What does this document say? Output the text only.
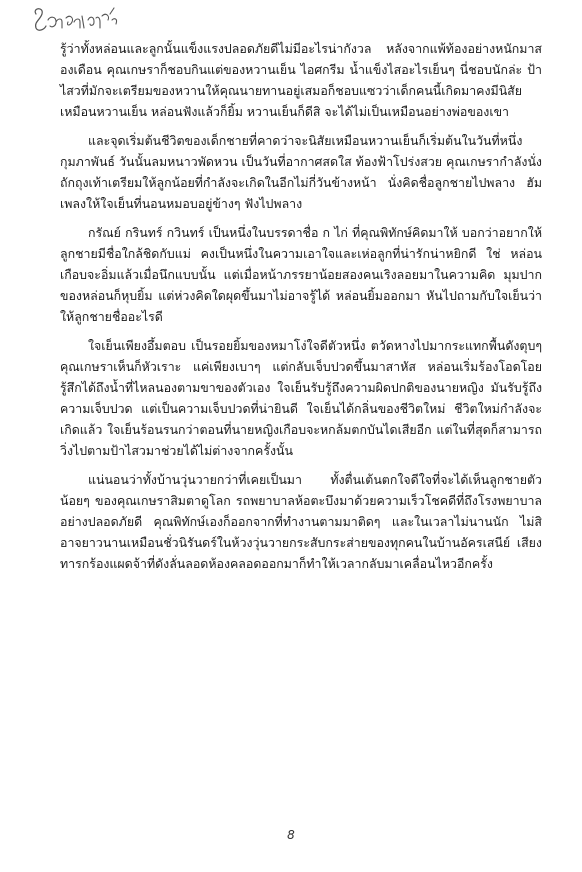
รู้ว่าทั้งหล่อนและลูกนั้นแข็งแรงปลอดภัยดีไม่มีอะไรน่ากังวล หลังจากแพ้ท้องอย่างหนักมาสองเดือน คุณเกษราก็ชอบกินแต่ของหวานเย็น ไอศกรีม น้ำแข็งไสอะไรเย็นๆ นี่ชอบนักล่ะ ป้าไสวที่มักจะเตรียมของหวานให้คุณนายทานอยู่เสมอก็ชอบแซวว่าเด็กคนนี้เกิดมาคงมีนิสัยเหมือนหวานเย็น หล่อนฟังแล้วก็ยิ้ม หวานเย็นก็ดีสิ จะได้ไม่เป็นเหมือนอย่างพ่อของเขา

และจุดเริ่มต้นชีวิตของเด็กชายที่คาดว่าจะนิสัยเหมือนหวานเย็นก็เริ่มต้นในวันที่หนึ่งกุมภาพันธ์ วันนั้นลมหนาวพัดหวน เป็นวันที่อากาศสดใส ท้องฟ้าโปร่งสวย คุณเกษรากำลังนั่งถักถุงเท้าเตรียมให้ลูกน้อยที่กำลังจะเกิดในอีกไม่กี่วันข้างหน้า นั่งคิดชื่อลูกชายไปพลาง ฮัมเพลงให้ใจเย็นที่นอนหมอบอยู่ข้างๆ ฟังไปพลาง

กรัณย์ กรินทร์ กวินทร์ เป็นหนึ่งในบรรดาชื่อ ก ไก่ ที่คุณพิทักษ์คิดมาให้ บอกว่าอยากให้ลูกชายมีชื่อใกล้ชิดกับแม่ คงเป็นหนึ่งในความเอาใจและเห่อลูกที่น่ารักน่าหยิกดี ใช่ หล่อนเกือบจะอิ่มแล้วเมื่อนึกแบบนั้น แต่เมื่อหน้าภรรยาน้อยสองคนเริงลอยมาในความคิด มุมปากของหล่อนก็หุบยิ้ม แต่ห่วงคิดใดผุดขึ้นมาไม่อาจรู้ได้ หล่อนยิ้มออกมา หันไปถามกับใจเย็นว่าให้ลูกชายชื่ออะไรดี

ใจเย็นเพียงอึ้มตอบ เป็นรอยยิ้มของหมาโง่ใจดีตัวหนึ่ง ตวัดหางไปมากระแทกพื้นดังตุบๆ คุณเกษราเห็นก็หัวเราะ แค่เพียงเบาๆ แต่กลับเจ็บปวดขึ้นมาสาหัส หล่อนเริ่มร้องโอดโอย รู้สึกได้ถึงน้ำที่ไหลนองตามขาของตัวเอง ใจเย็นรับรู้ถึงความผิดปกติของนายหญิง มันรับรู้ถึงความเจ็บปวด แต่เป็นความเจ็บปวดที่น่ายินดี ใจเย็นได้กลิ่นของชีวิตใหม่ ชีวิตใหม่กำลังจะเกิดแล้ว ใจเย็นร้อนรนกว่าตอนที่นายหญิงเกือบจะหกล้มตกบันไดเสียอีก แต่ในที่สุดก็สามารถวิ่งไปตามป้าไสวมาช่วยได้ไม่ต่างจากครั้งนั้น

แน่นอนว่าทั้งบ้านวุ่นวายกว่าที่เคยเป็นมา ทั้งตื่นเต้นตกใจดีใจที่จะได้เห็นลูกชายตัวน้อยๆ ของคุณเกษราสิมตาดูโลก รถพยาบาลห้อตะบึงมาด้วยความเร็วโชคดีที่ถึงโรงพยาบาลอย่างปลอดภัยดี คุณพิทักษ์เองก็ออกจากที่ทำงานตามมาติดๆ และในเวลาไม่นานนัก ไม่สิ อาจยาวนานเหมือนชั่วนิรันดร์ในห้วงวุ่นวายกระสับกระส่ายของทุกคนในบ้านอัครเสนีย์ เสียงทารกร้องแผดจ้าที่ดังลั่นลอดห้องคลอดออกมาก็ทำให้เวลากลับมาเคลื่อนไหวอีกครั้ง

8
